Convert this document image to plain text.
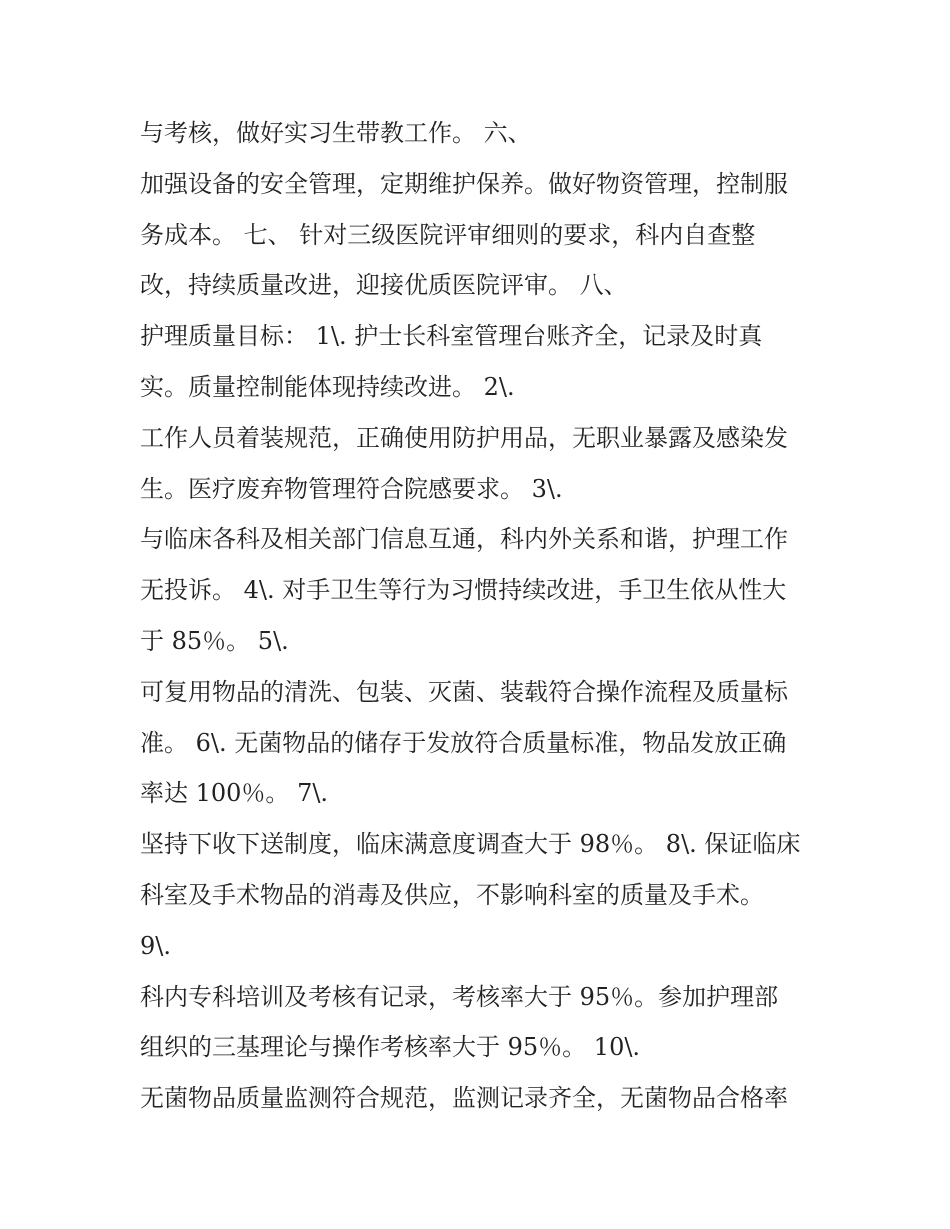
与考核，做好实习生带教工作。 六、
加强设备的安全管理，定期维护保养。做好物资管理，控制服
务成本。 七、 针对三级医院评审细则的要求，科内自查整
改，持续质量改进，迎接优质医院评审。 八、
护理质量目标： 1\. 护士长科室管理台账齐全，记录及时真
实。质量控制能体现持续改进。 2\.
工作人员着装规范，正确使用防护用品，无职业暴露及感染发
生。医疗废弃物管理符合院感要求。 3\.
与临床各科及相关部门信息互通，科内外关系和谐，护理工作
无投诉。 4\. 对手卫生等行为习惯持续改进，手卫生依从性大
于 85％。 5\.
可复用物品的清洗、包装、灭菌、装载符合操作流程及质量标
准。 6\. 无菌物品的储存于发放符合质量标准，物品发放正确
率达 100％。 7\.
坚持下收下送制度，临床满意度调查大于 98％。 8\. 保证临床
科室及手术物品的消毒及供应，不影响科室的质量及手术。
9\.
科内专科培训及考核有记录，考核率大于 95％。参加护理部
组织的三基理论与操作考核率大于 95％。 10\.
无菌物品质量监测符合规范，监测记录齐全，无菌物品合格率
